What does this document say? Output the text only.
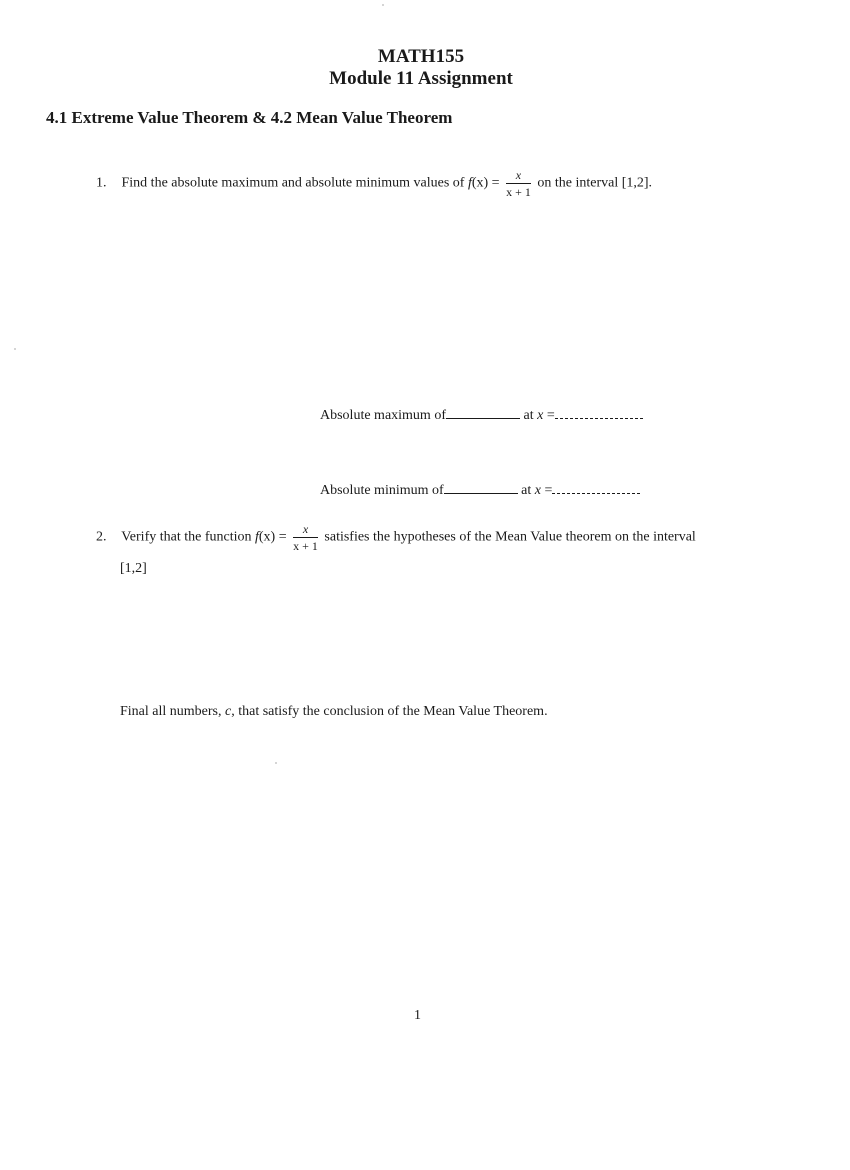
MATH155
Module 11 Assignment
4.1 Extreme Value Theorem & 4.2 Mean Value Theorem
1. Find the absolute maximum and absolute minimum values of $f(x) = \frac{x}{x + 1}$ on the interval [1,2].
Absolute maximum of	at x =
Absolute minimum of	at x =
2. Verify that the function $f(x) = \frac{x}{x + 1}$ satisfies the hypotheses of the Mean Value theorem on the interval
[1,2]
Final all numbers, c, that satisfy the conclusion of the Mean Value Theorem.
1
